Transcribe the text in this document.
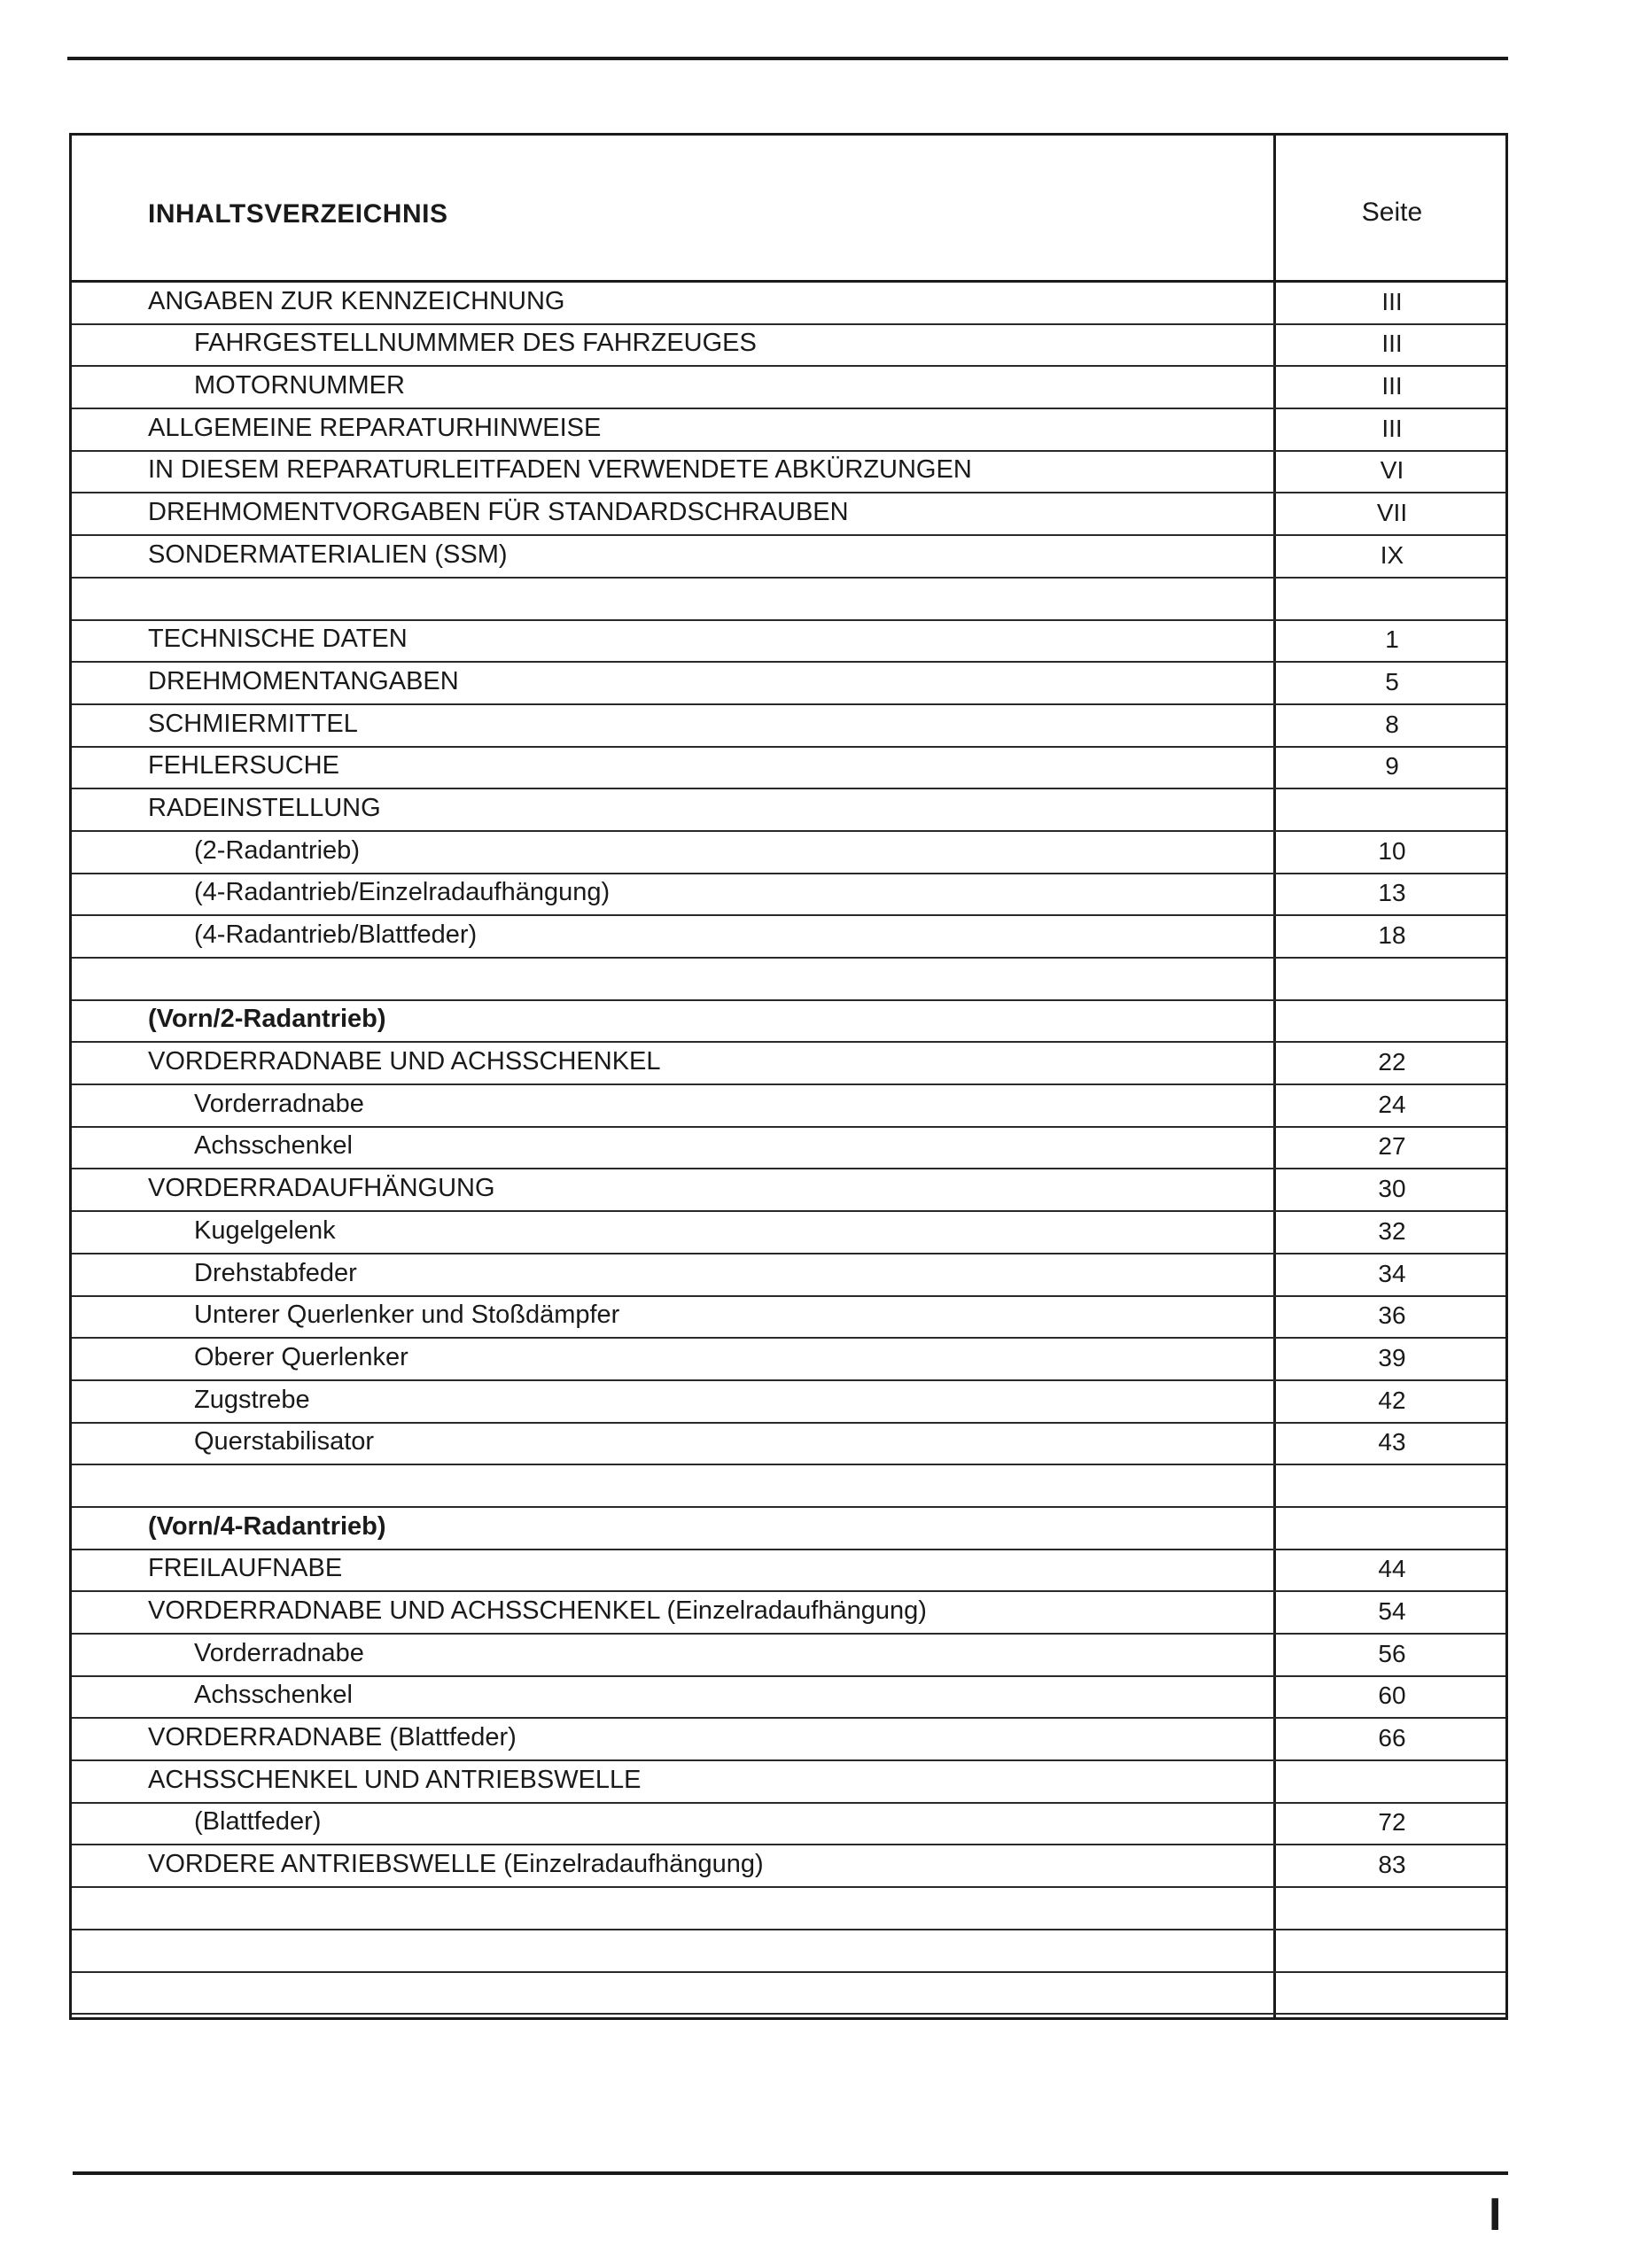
INHALTSVERZEICHNIS	Seite
ANGABEN ZUR KENNZEICHNUNG	III
FAHRGESTELLNUMMMER DES FAHRZEUGES	III
MOTORNUMMER	III
ALLGEMEINE REPARATURHINWEISE	III
IN DIESEM REPARATURLEITFADEN VERWENDETE ABKÜRZUNGEN	VI
DREHMOMENTVORGABEN FÜR STANDARDSCHRAUBEN	VII
SONDERMATERIALIEN (SSM)	IX
TECHNISCHE DATEN	1
DREHMOMENTANGABEN	5
SCHMIERMITTEL	8
FEHLERSUCHE	9
RADEINSTELLUNG
(2-Radantrieb)	10
(4-Radantrieb/Einzelradaufhängung)	13
(4-Radantrieb/Blattfeder)	18
(Vorn/2-Radantrieb)
VORDERRADNABE UND ACHSSCHENKEL	22
Vorderradnabe	24
Achsschenkel	27
VORDERRADAUFHÄNGUNG	30
Kugelgelenk	32
Drehstabfeder	34
Unterer Querlenker und Stoßdämpfer	36
Oberer Querlenker	39
Zugstrebe	42
Querstabilisator	43
(Vorn/4-Radantrieb)
FREILAUFNABE	44
VORDERRADNABE UND ACHSSCHENKEL (Einzelradaufhängung)	54
Vorderradnabe	56
Achsschenkel	60
VORDERRADNABE (Blattfeder)	66
ACHSSCHENKEL UND ANTRIEBSWELLE
(Blattfeder)	72
VORDERE ANTRIEBSWELLE (Einzelradaufhängung)	83
I
